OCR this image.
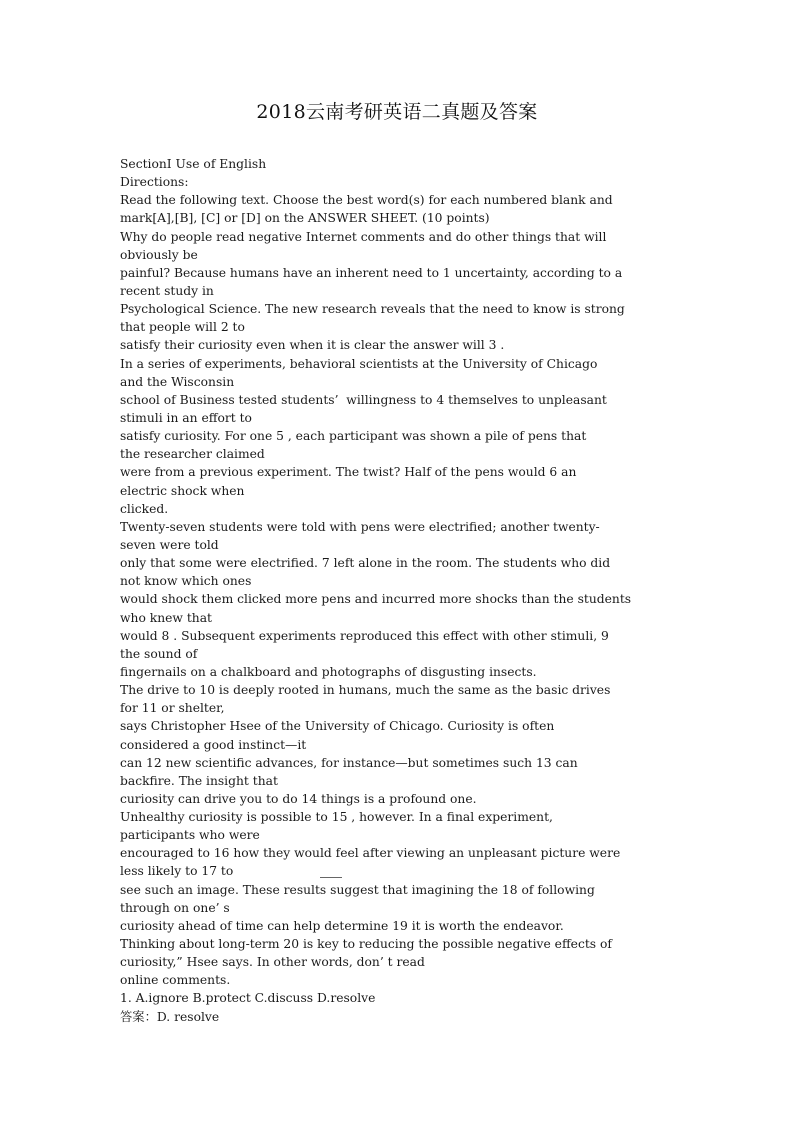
2018云南考研英语二真题及答案
SectionⅠ Use of English
Directions:
Read the following text. Choose the best word(s) for each numbered blank and
mark[A],[B], [C] or [D] on the ANSWER SHEET. (10 points)
Why do people read negative Internet comments and do other things that will
obviously be
painful? Because humans have an inherent need to 1 uncertainty, according to a
recent study in
Psychological Science. The new research reveals that the need to know is strong
that people will 2 to
satisfy their curiosity even when it is clear the answer will 3 .
In a series of experiments, behavioral scientists at the University of Chicago
and the Wisconsin
school of Business tested students’  willingness to 4 themselves to unpleasant
stimuli in an effort to
satisfy curiosity. For one 5 , each participant was shown a pile of pens that
the researcher claimed
were from a previous experiment. The twist? Half of the pens would 6 an
electric shock when
clicked.
Twenty-seven students were told with pens were electrified; another twenty-
seven were told
only that some were electrified. 7 left alone in the room. The students who did
not know which ones
would shock them clicked more pens and incurred more shocks than the students
who knew that
would 8 . Subsequent experiments reproduced this effect with other stimuli, 9
the sound of
fingernails on a chalkboard and photographs of disgusting insects.
The drive to 10 is deeply rooted in humans, much the same as the basic drives
for 11 or shelter,
says Christopher Hsee of the University of Chicago. Curiosity is often
considered a good instinct—it
can 12 new scientific advances, for instance—but sometimes such 13 can
backfire. The insight that
curiosity can drive you to do 14 things is a profound one.
Unhealthy curiosity is possible to 15 , however. In a final experiment,
participants who were
encouraged to 16 how they would feel after viewing an unpleasant picture were
less likely to 17 to
see such an image. These results suggest that imagining the 18 of following
through on one’ s
curiosity ahead of time can help determine 19 it is worth the endeavor.
Thinking about long-term 20 is key to reducing the possible negative effects of
curiosity,” Hsee says. In other words, don’ t read
online comments.
1. A.ignore B.protect C.discuss D.resolve
答案：D. resolve
